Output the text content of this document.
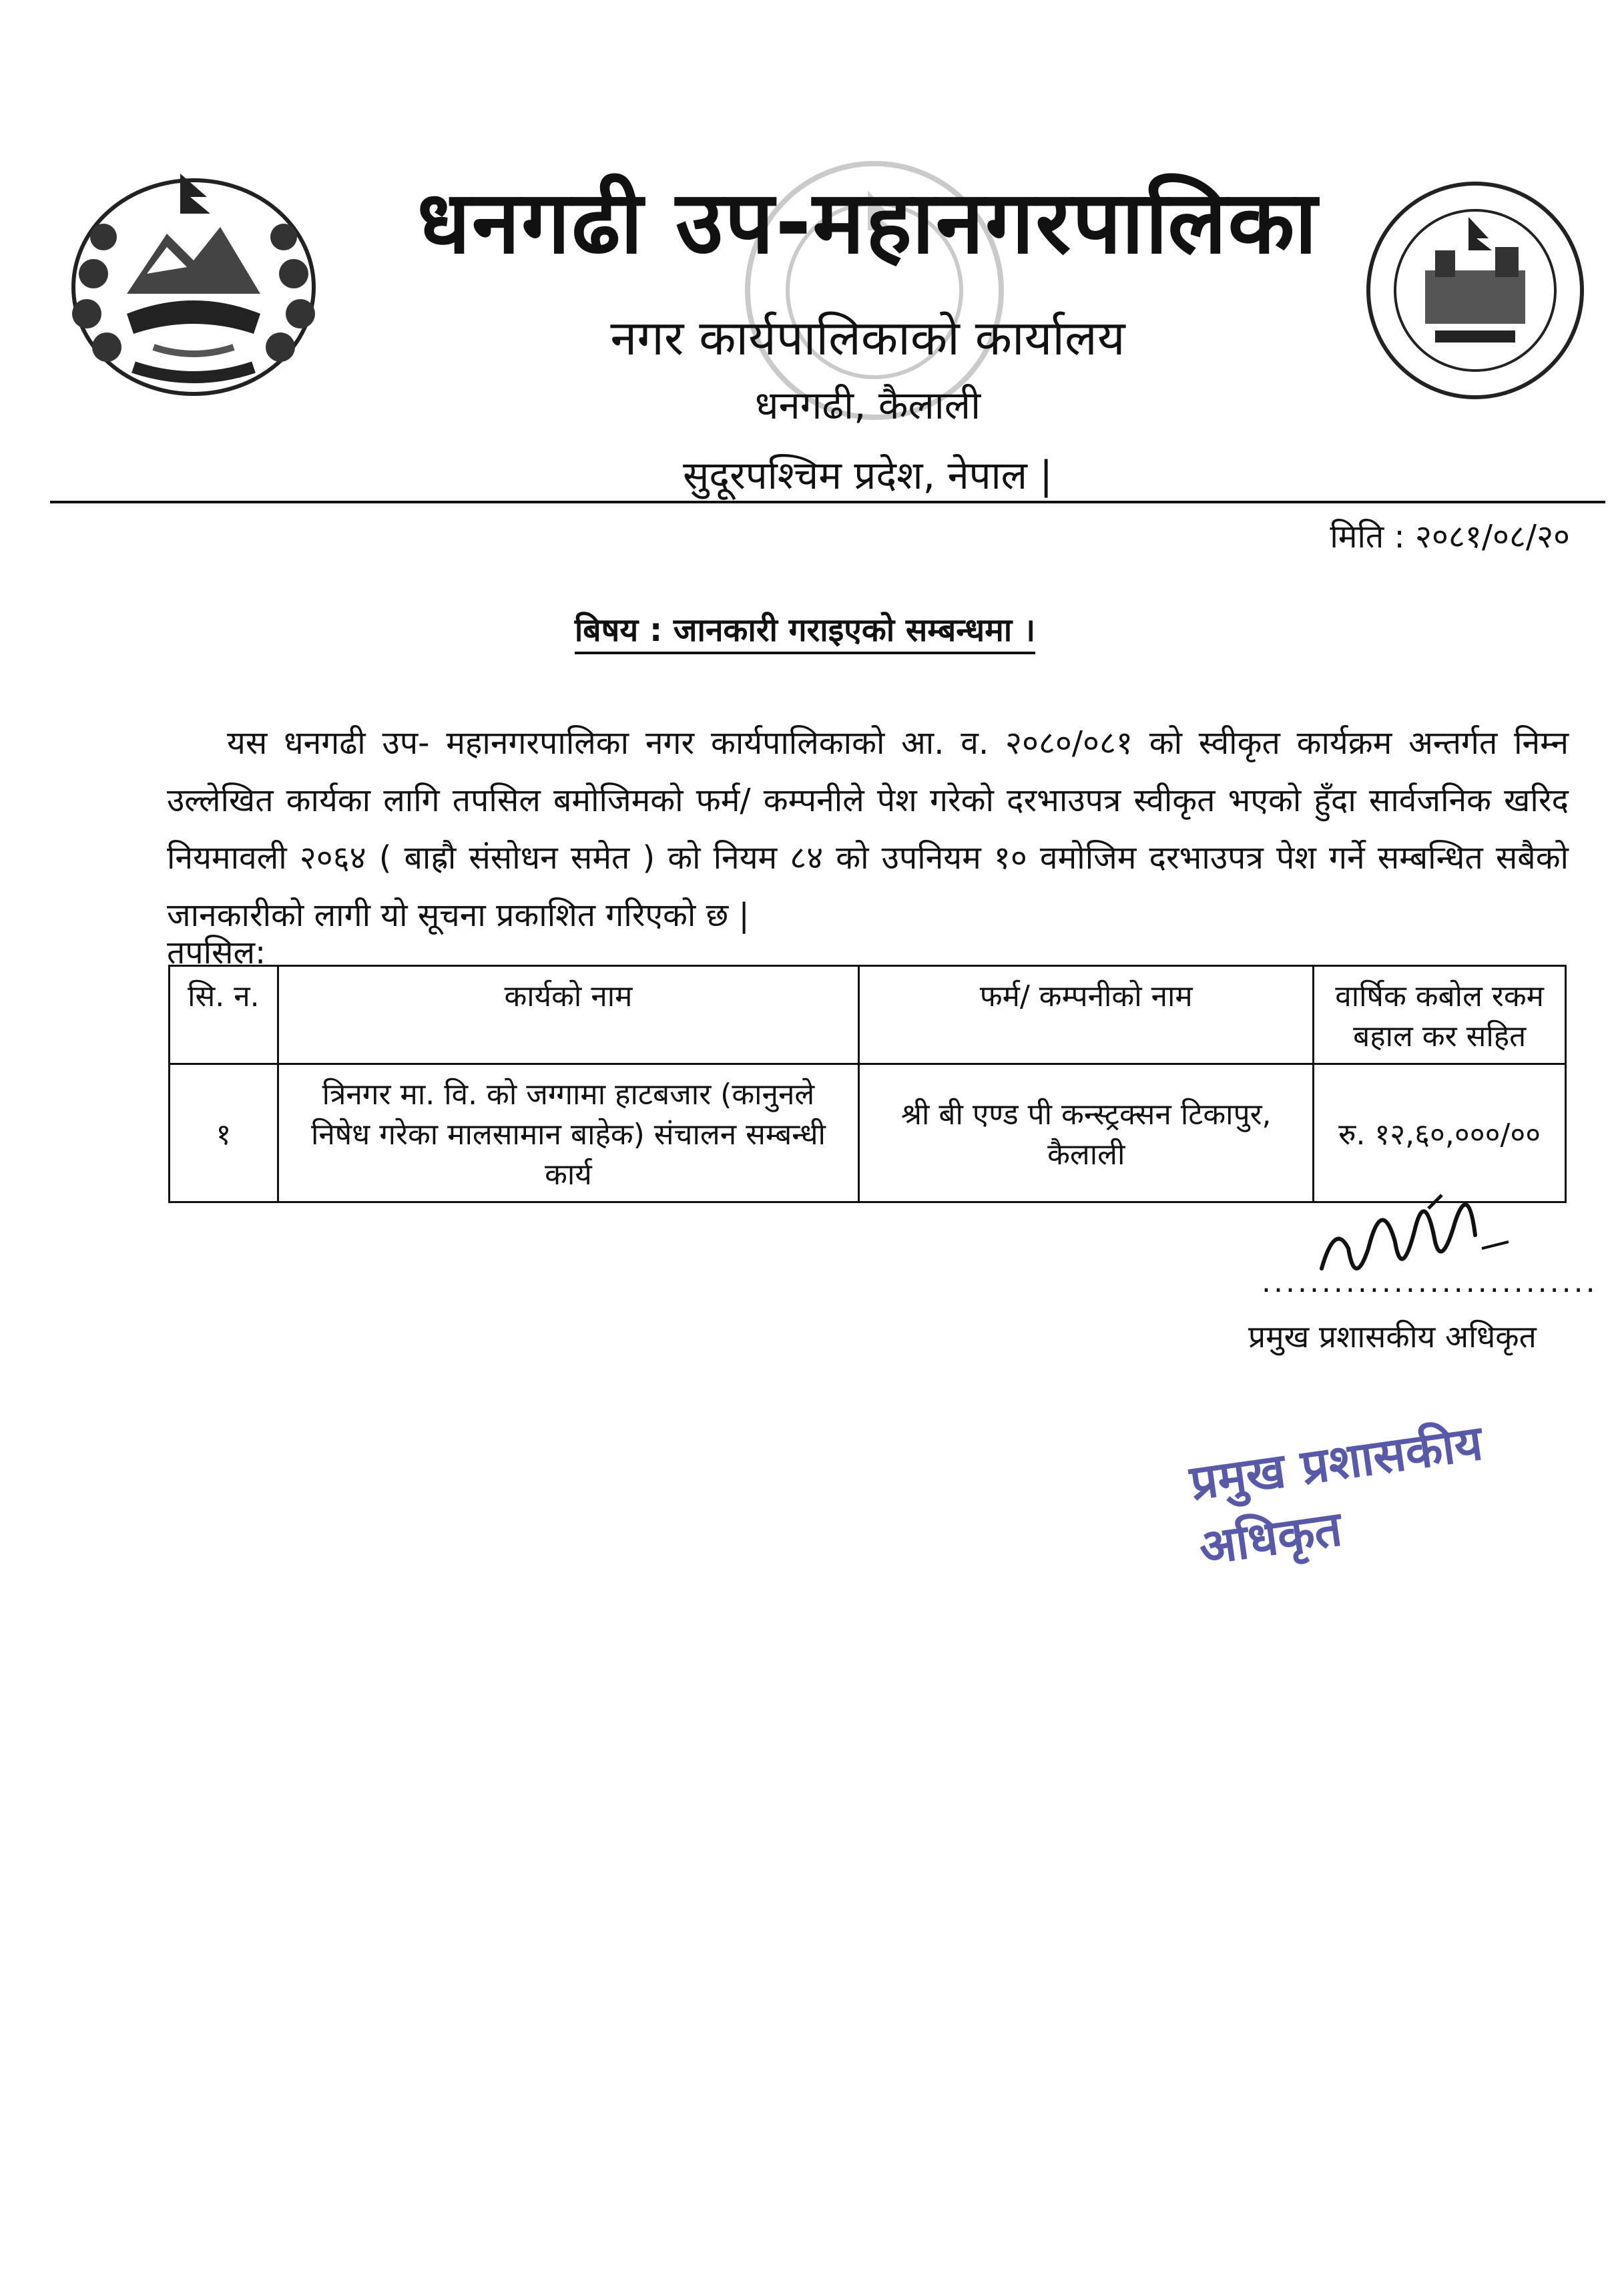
धनगढी उप-महानगरपालिका
नगर कार्यपालिकाको कार्यालय
धनगढी, कैलाली
सुदूरपश्चिम प्रदेश, नेपाल |
मिति : २०८१/०८/२०
बिषय : जानकारी गराइएको सम्बन्धमा ।
यस धनगढी उप- महानगरपालिका नगर कार्यपालिकाको आ. व. २०८०/०८१ को स्वीकृत कार्यक्रम अन्तर्गत निम्न उल्लेखित कार्यका लागि तपसिल बमोजिमको फर्म/ कम्पनीले पेश गरेको दरभाउपत्र स्वीकृत भएको हुँदा सार्वजनिक खरिद नियमावली २०६४ ( बाह्रौ संसोधन समेत ) को नियम ८४ को उपनियम १० वमोजिम दरभाउपत्र पेश गर्ने सम्बन्धित सबैको जानकारीको लागी यो सूचना प्रकाशित गरिएको छ |
तपसिल:
सि. न.	कार्यको नाम	फर्म/ कम्पनीको नाम	वार्षिक कबोल रकम बहाल कर सहित
१	त्रिनगर मा. वि. को जग्गामा हाटबजार (कानुनले निषेध गरेका मालसामान बाहेक) संचालन सम्बन्धी कार्य	श्री बी एण्ड पी कन्स्ट्रक्सन टिकापुर, कैलाली	रु. १२,६०,०००/००
............................
प्रमुख प्रशासकीय अधिकृत
प्रमुख प्रशासकीय अधिकृत
